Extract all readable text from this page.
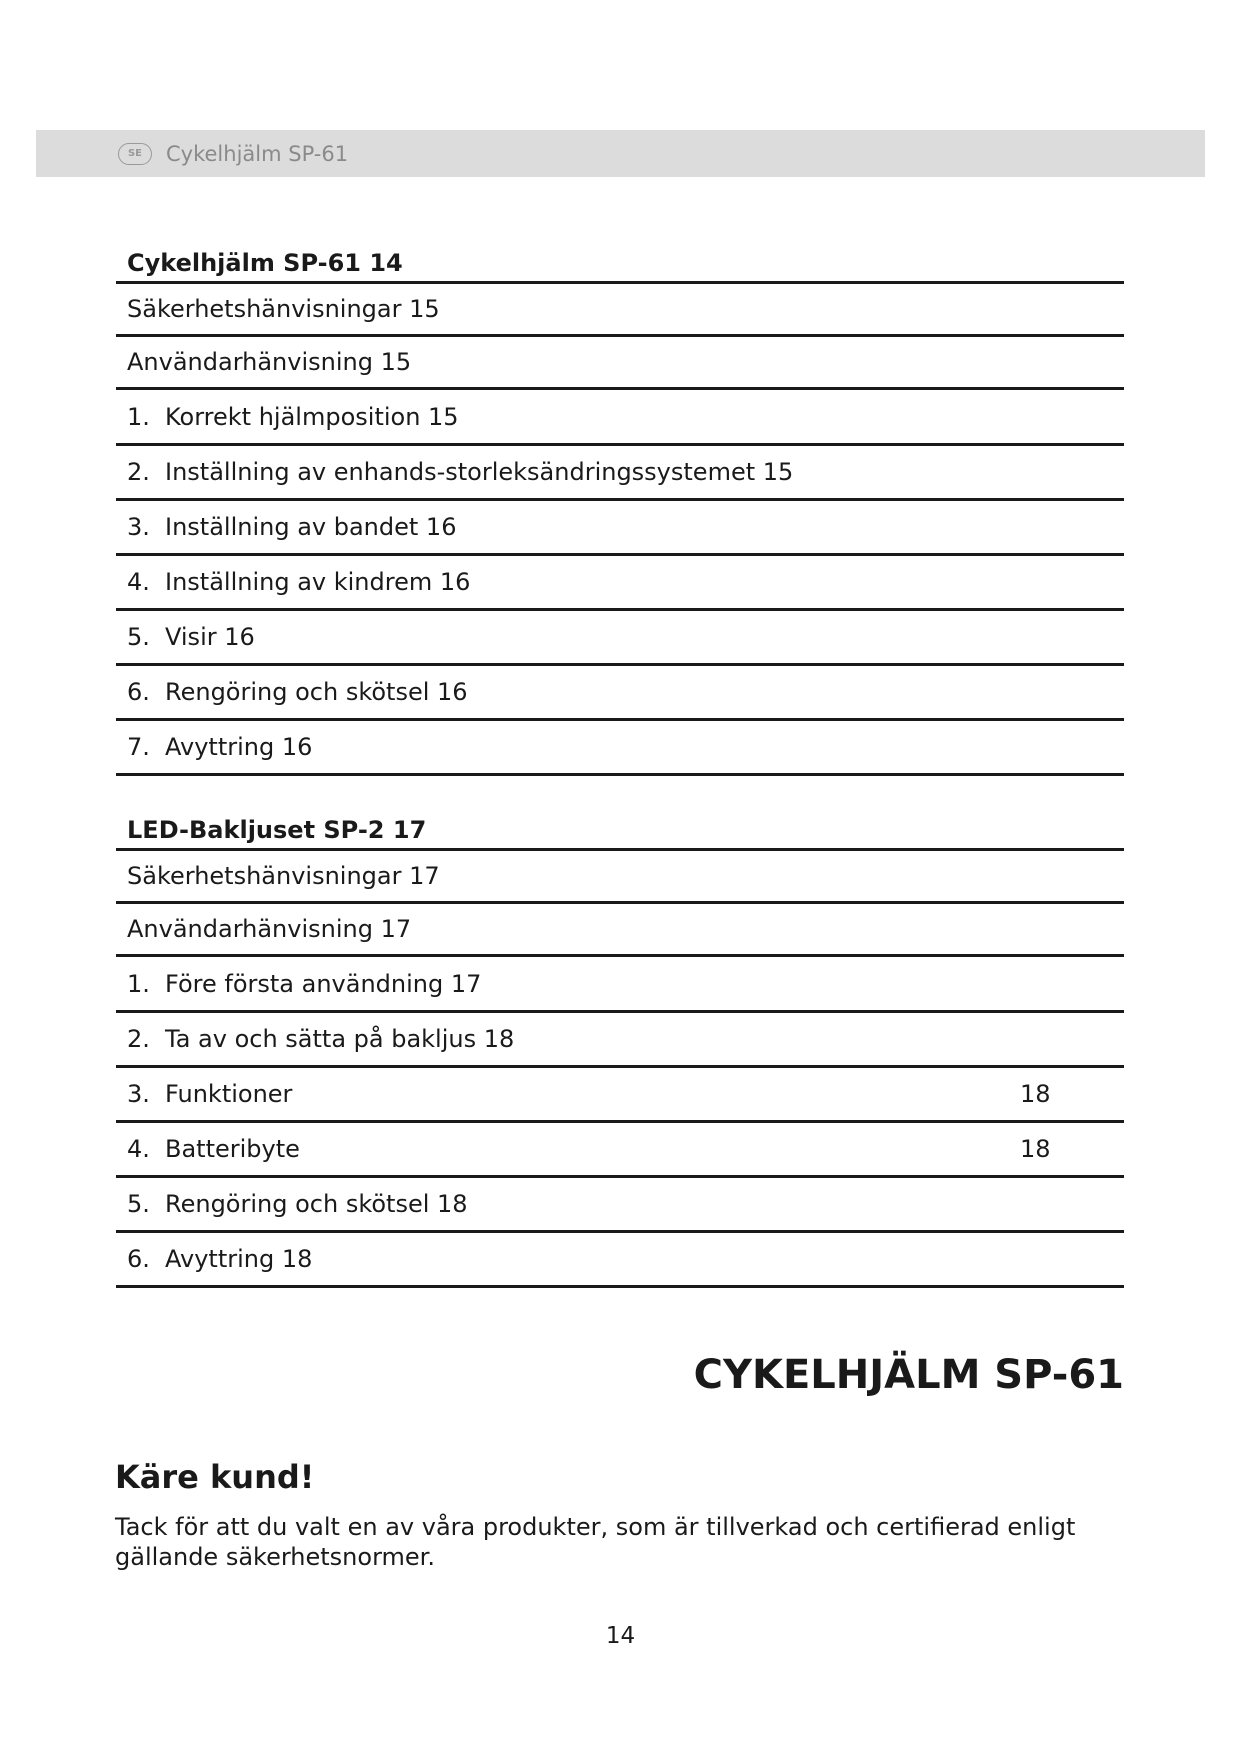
SE	Cykelhjälm SP-61
Cykelhjälm SP-61 14
Säkerhetshänvisningar 15
Användarhänvisning 15
1. Korrekt hjälmposition 15
2. Inställning av enhands-storleksändringssystemet 15
3. Inställning av bandet 16
4. Inställning av kindrem 16
5. Visir 16
6. Rengöring och skötsel 16
7. Avyttring 16
LED-Bakljuset SP-2 17
Säkerhetshänvisningar 17
Användarhänvisning 17
1. Före första användning 17
2. Ta av och sätta på bakljus 18
3. Funktioner	18
4. Batteribyte	18
5. Rengöring och skötsel 18
6. Avyttring 18
CYKELHJÄLM SP-61
Käre kund!

Tack för att du valt en av våra produkter, som är tillverkad och certifierad enligt gällande säkerhetsnormer.

14
